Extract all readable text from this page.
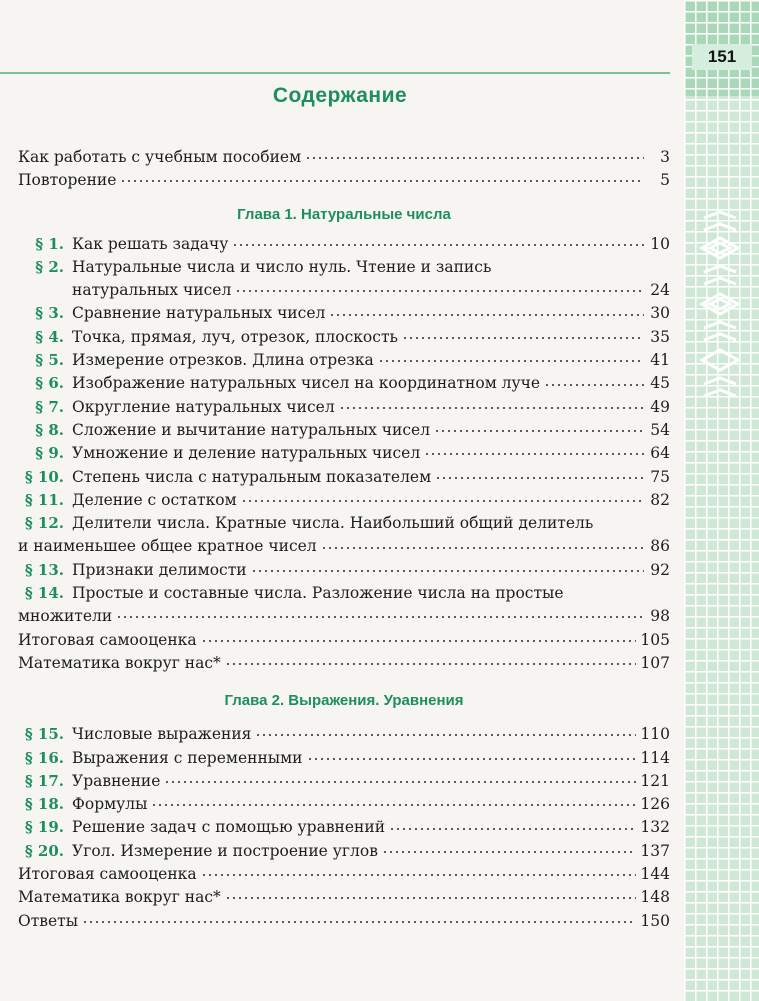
151
Содержание
Как работать с учебным пособием	3
Повторение	5
Глава 1. Натуральные числа
§ 1. Как решать задачу	10
§ 2. Натуральные числа и число нуль. Чтение и запись
натуральных чисел	24
§ 3. Сравнение натуральных чисел	30
§ 4. Точка, прямая, луч, отрезок, плоскость	35
§ 5. Измерение отрезков. Длина отрезка	41
§ 6. Изображение натуральных чисел на координатном луче	45
§ 7. Округление натуральных чисел	49
§ 8. Сложение и вычитание натуральных чисел	54
§ 9. Умножение и деление натуральных чисел	64
§ 10. Степень числа с натуральным показателем	75
§ 11. Деление с остатком	82
§ 12. Делители числа. Кратные числа. Наибольший общий делитель
и наименьшее общее кратное чисел	86
§ 13. Признаки делимости	92
§ 14. Простые и составные числа. Разложение числа на простые
множители	98
Итоговая самооценка	105
Математика вокруг нас*	107
Глава 2. Выражения. Уравнения
§ 15. Числовые выражения	110
§ 16. Выражения с переменными	114
§ 17. Уравнение	121
§ 18. Формулы	126
§ 19. Решение задач с помощью уравнений	132
§ 20. Угол. Измерение и построение углов	137
Итоговая самооценка	144
Математика вокруг нас*	148
Ответы	150
